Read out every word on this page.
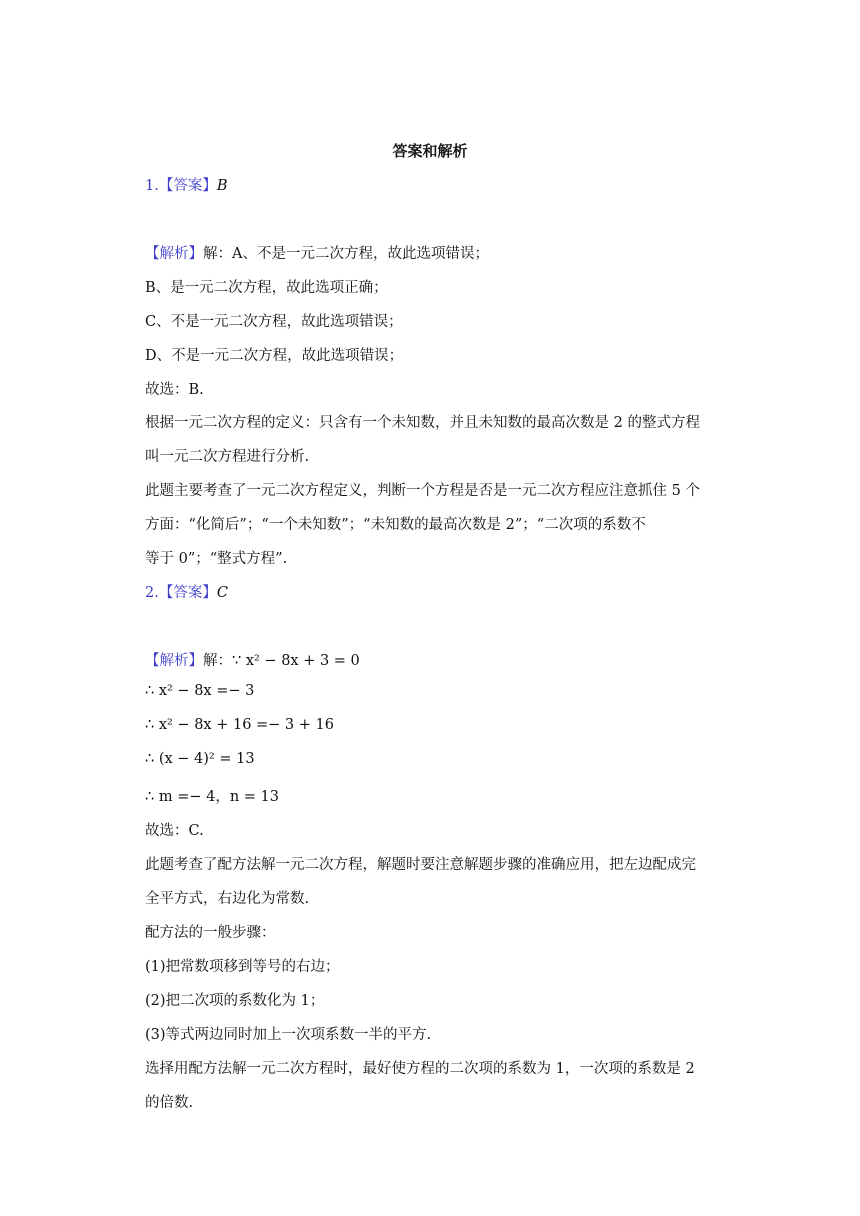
答案和解析
1.【答案】B
【解析】解：A、不是一元二次方程，故此选项错误；
B、是一元二次方程，故此选项正确；
C、不是一元二次方程，故此选项错误；
D、不是一元二次方程，故此选项错误；
故选：B.
根据一元二次方程的定义：只含有一个未知数，并且未知数的最高次数是 2 的整式方程
叫一元二次方程进行分析.
此题主要考查了一元二次方程定义，判断一个方程是否是一元二次方程应注意抓住 5 个
方面：“化简后”；“一个未知数”；“未知数的最高次数是 2”；“二次项的系数不
等于 0”；“整式方程”.
2.【答案】C
【解析】解：∵ x² − 8x + 3 = 0
∴ x² − 8x =− 3
∴ x² − 8x + 16 =− 3 + 16
∴ (x − 4)² = 13
∴ m =− 4，n = 13
故选：C.
此题考查了配方法解一元二次方程，解题时要注意解题步骤的准确应用，把左边配成完
全平方式，右边化为常数.
配方法的一般步骤：
(1)把常数项移到等号的右边；
(2)把二次项的系数化为 1；
(3)等式两边同时加上一次项系数一半的平方.
选择用配方法解一元二次方程时，最好使方程的二次项的系数为 1，一次项的系数是 2
的倍数.
